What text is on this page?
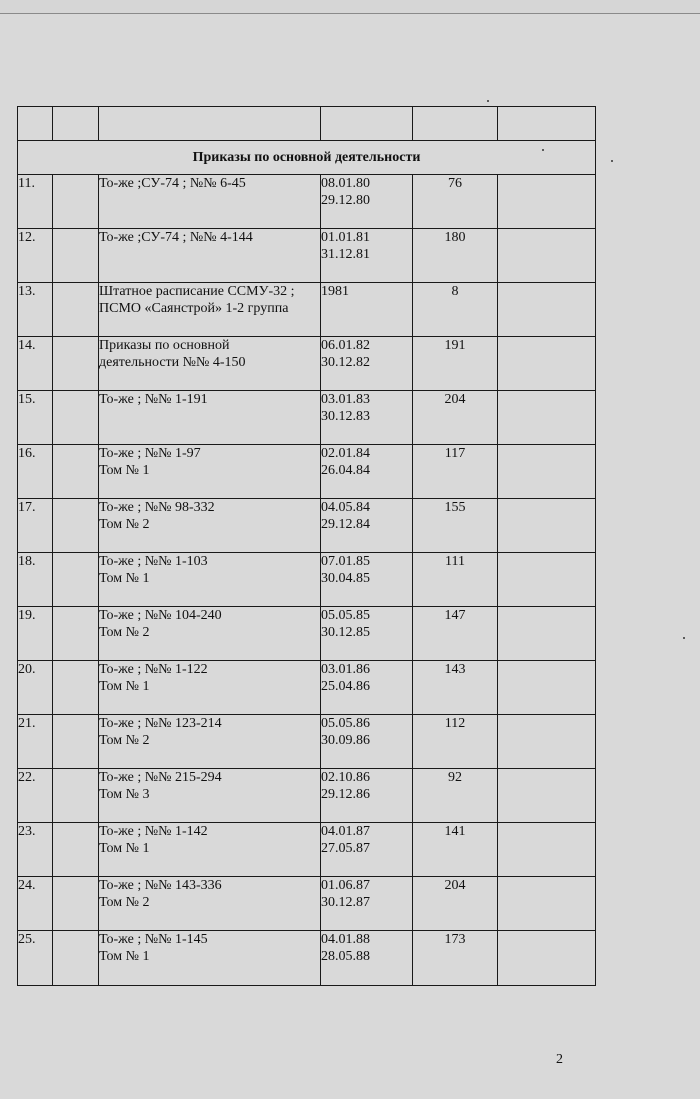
Приказы по основной деятельности					
11.		То-же ;СУ-74 ; №№ 6-45	08.01.80
29.12.80	76	
12.		То-же ;СУ-74 ; №№ 4-144	01.01.81
31.12.81	180	
13.		Штатное расписание ССМУ-32 ;
ПСМО «Саянстрой» 1-2 группа	1981	8	
14.		Приказы по основной
деятельности №№ 4-150	06.01.82
30.12.82	191	
15.		То-же ; №№ 1-191	03.01.83
30.12.83	204	
16.		То-же ; №№ 1-97
Том № 1	02.01.84
26.04.84	117	
17.		То-же ; №№ 98-332
Том № 2	04.05.84
29.12.84	155	
18.		То-же ; №№ 1-103
Том № 1	07.01.85
30.04.85	111	
19.		То-же ; №№ 104-240
Том № 2	05.05.85
30.12.85	147	
20.		То-же ; №№ 1-122
Том № 1	03.01.86
25.04.86	143	
21.		То-же ; №№ 123-214
Том № 2	05.05.86
30.09.86	112	
22.		То-же ; №№ 215-294
Том № 3	02.10.86
29.12.86	92	
23.		То-же ; №№ 1-142
Том № 1	04.01.87
27.05.87	141	
24.		То-же ; №№ 143-336
Том № 2	01.06.87
30.12.87	204	
25.		То-же ; №№ 1-145
Том № 1	04.01.88
28.05.88	173	
2
